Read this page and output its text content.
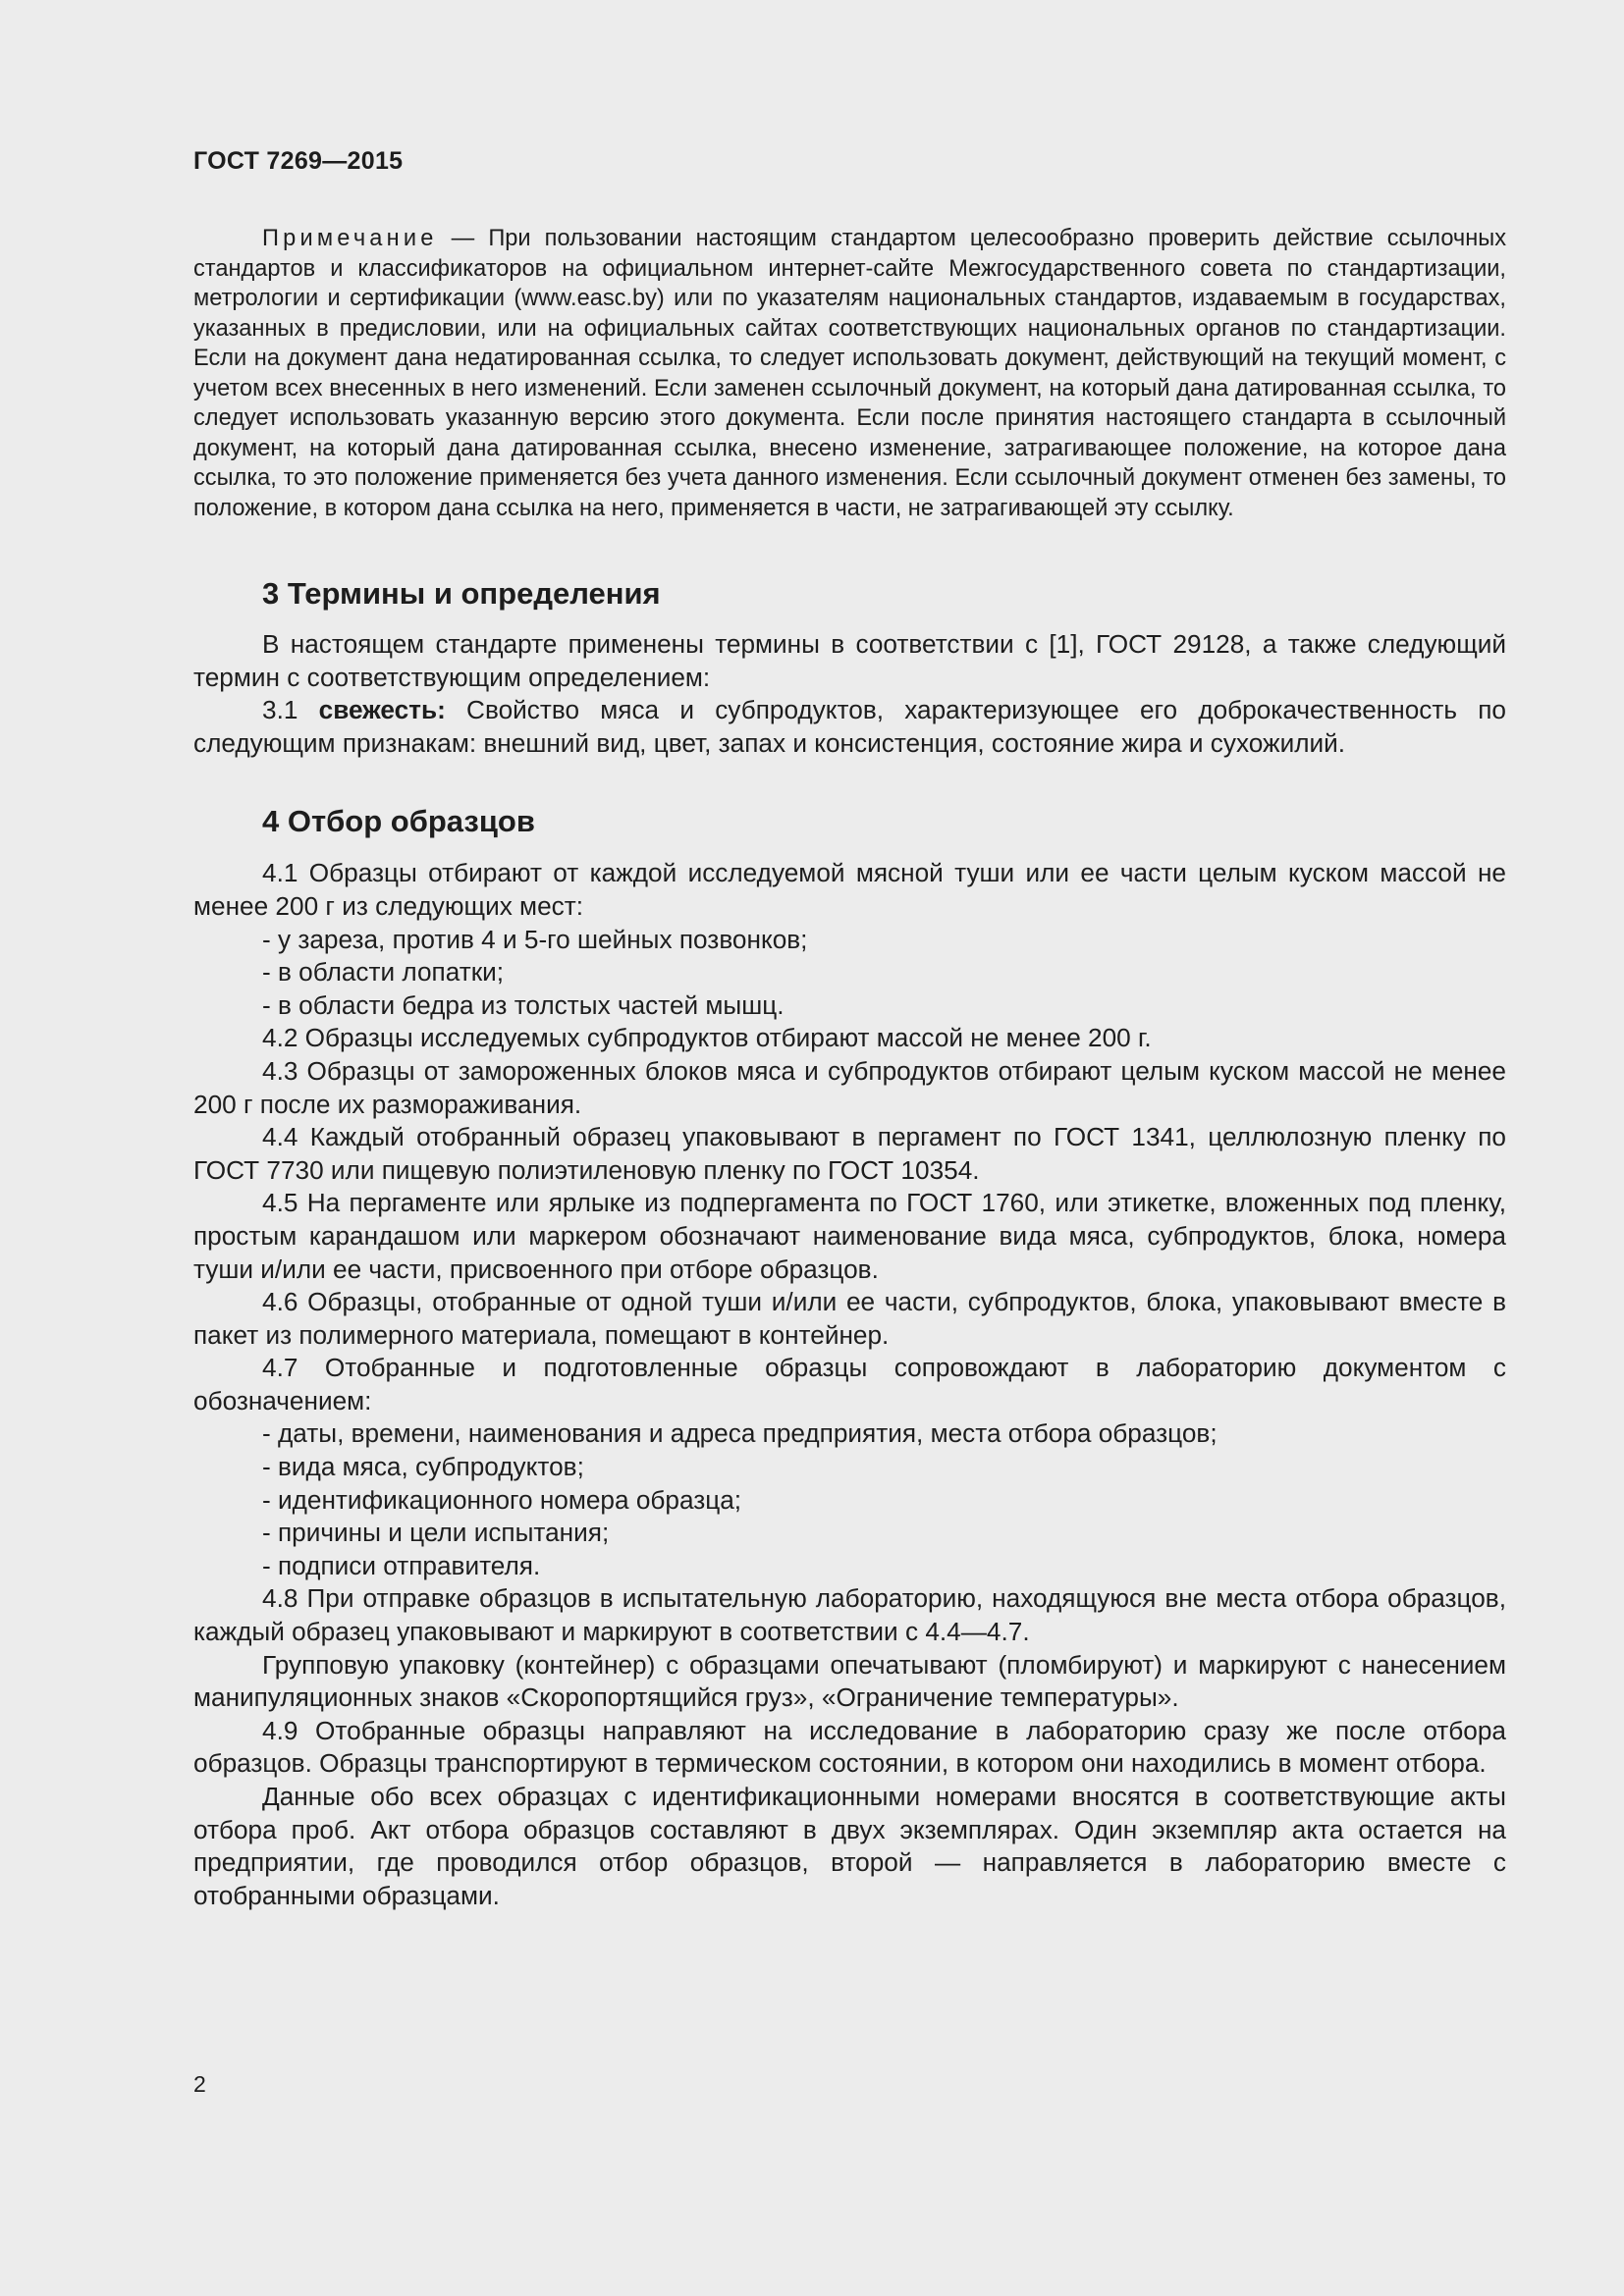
ГОСТ 7269—2015

Примечание — При пользовании настоящим стандартом целесообразно проверить действие ссылочных стандартов и классификаторов на официальном интернет-сайте Межгосударственного совета по стандартизации, метрологии и сертификации (www.easc.by) или по указателям национальных стандартов, издаваемым в государствах, указанных в предисловии, или на официальных сайтах соответствующих национальных органов по стандартизации. Если на документ дана недатированная ссылка, то следует использовать документ, действующий на текущий момент, с учетом всех внесенных в него изменений. Если заменен ссылочный документ, на который дана датированная ссылка, то следует использовать указанную версию этого документа. Если после принятия настоящего стандарта в ссылочный документ, на который дана датированная ссылка, внесено изменение, затрагивающее положение, на которое дана ссылка, то это положение применяется без учета данного изменения. Если ссылочный документ отменен без замены, то положение, в котором дана ссылка на него, применяется в части, не затрагивающей эту ссылку.

3 Термины и определения

В настоящем стандарте применены термины в соответствии с [1], ГОСТ 29128, а также следующий термин с соответствующим определением:

3.1 свежесть: Свойство мяса и субпродуктов, характеризующее его доброкачественность по следующим признакам: внешний вид, цвет, запах и консистенция, состояние жира и сухожилий.

4 Отбор образцов

4.1 Образцы отбирают от каждой исследуемой мясной туши или ее части целым куском массой не менее 200 г из следующих мест:

- у зареза, против 4 и 5-го шейных позвонков;

- в области лопатки;

- в области бедра из толстых частей мышц.

4.2 Образцы исследуемых субпродуктов отбирают массой не менее 200 г.

4.3 Образцы от замороженных блоков мяса и субпродуктов отбирают целым куском массой не менее 200 г после их размораживания.

4.4 Каждый отобранный образец упаковывают в пергамент по ГОСТ 1341, целлюлозную пленку по ГОСТ 7730 или пищевую полиэтиленовую пленку по ГОСТ 10354.

4.5 На пергаменте или ярлыке из подпергамента по ГОСТ 1760, или этикетке, вложенных под пленку, простым карандашом или маркером обозначают наименование вида мяса, субпродуктов, блока, номера туши и/или ее части, присвоенного при отборе образцов.

4.6 Образцы, отобранные от одной туши и/или ее части, субпродуктов, блока, упаковывают вместе в пакет из полимерного материала, помещают в контейнер.

4.7 Отобранные и подготовленные образцы сопровождают в лабораторию документом с обозначением:

- даты, времени, наименования и адреса предприятия, места отбора образцов;

- вида мяса, субпродуктов;

- идентификационного номера образца;

- причины и цели испытания;

- подписи отправителя.

4.8 При отправке образцов в испытательную лабораторию, находящуюся вне места отбора образцов, каждый образец упаковывают и маркируют в соответствии с 4.4—4.7.

Групповую упаковку (контейнер) с образцами опечатывают (пломбируют) и маркируют с нанесением манипуляционных знаков «Скоропортящийся груз», «Ограничение температуры».

4.9 Отобранные образцы направляют на исследование в лабораторию сразу же после отбора образцов. Образцы транспортируют в термическом состоянии, в котором они находились в момент отбора.

Данные обо всех образцах с идентификационными номерами вносятся в соответствующие акты отбора проб. Акт отбора образцов составляют в двух экземплярах. Один экземпляр акта остается на предприятии, где проводился отбор образцов, второй — направляется в лабораторию вместе с отобранными образцами.

2
